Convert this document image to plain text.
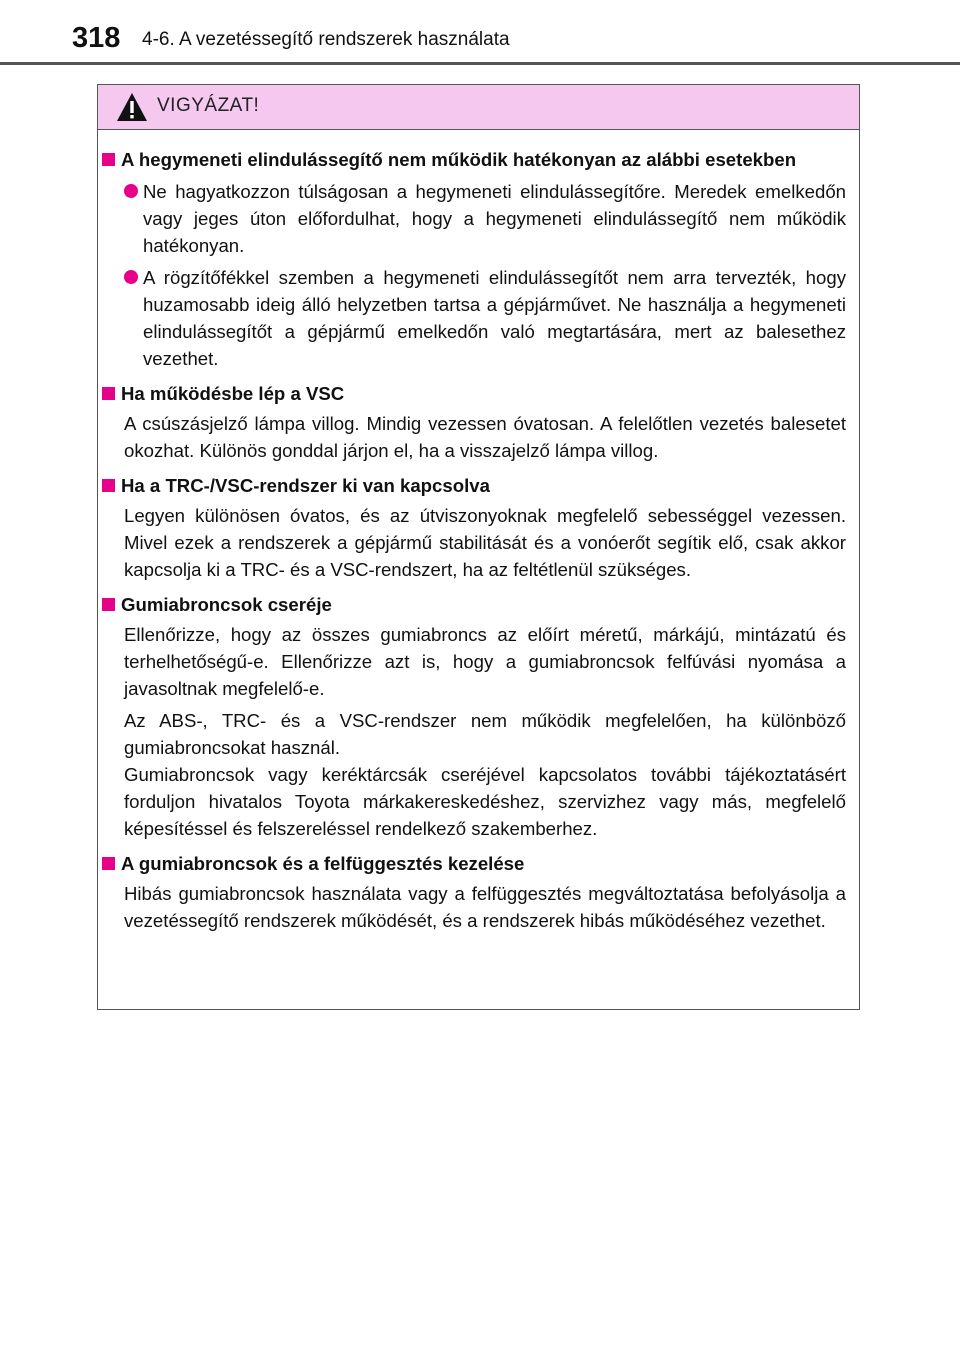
318 4-6. A vezetéssegítő rendszerek használata
VIGYÁZAT!
A hegymeneti elindulássegítő nem működik hatékonyan az alábbi esetekben
Ne hagyatkozzon túlságosan a hegymeneti elindulássegítőre. Meredek emelkedőn vagy jeges úton előfordulhat, hogy a hegymeneti elindulássegítő nem működik hatékonyan.
A rögzítőfékkel szemben a hegymeneti elindulássegítőt nem arra tervezték, hogy huzamosabb ideig álló helyzetben tartsa a gépjárművet. Ne használja a hegymeneti elindulássegítőt a gépjármű emelkedőn való megtartására, mert az balesethez vezethet.
Ha működésbe lép a VSC
A csúszásjelző lámpa villog. Mindig vezessen óvatosan. A felelőtlen vezetés balesetet okozhat. Különös gonddal járjon el, ha a visszajelző lámpa villog.
Ha a TRC-/VSC-rendszer ki van kapcsolva
Legyen különösen óvatos, és az útviszonyoknak megfelelő sebességgel vezessen. Mivel ezek a rendszerek a gépjármű stabilitását és a vonóerőt segítik elő, csak akkor kapcsolja ki a TRC- és a VSC-rendszert, ha az feltétlenül szükséges.
Gumiabroncsok cseréje
Ellenőrizze, hogy az összes gumiabroncs az előírt méretű, márkájú, mintázatú és terhelhetőségű-e. Ellenőrizze azt is, hogy a gumiabroncsok felfúvási nyomása a javasoltnak megfelelő-e.
Az ABS-, TRC- és a VSC-rendszer nem működik megfelelően, ha különböző gumiabroncsokat használ.
Gumiabroncsok vagy keréktárcsák cseréjével kapcsolatos további tájékoztatásért forduljon hivatalos Toyota márkakereskedéshez, szervizhez vagy más, megfelelő képesítéssel és felszereléssel rendelkező szakemberhez.
A gumiabroncsok és a felfüggesztés kezelése
Hibás gumiabroncsok használata vagy a felfüggesztés megváltoztatása befolyásolja a vezetéssegítő rendszerek működését, és a rendszerek hibás működéséhez vezethet.
